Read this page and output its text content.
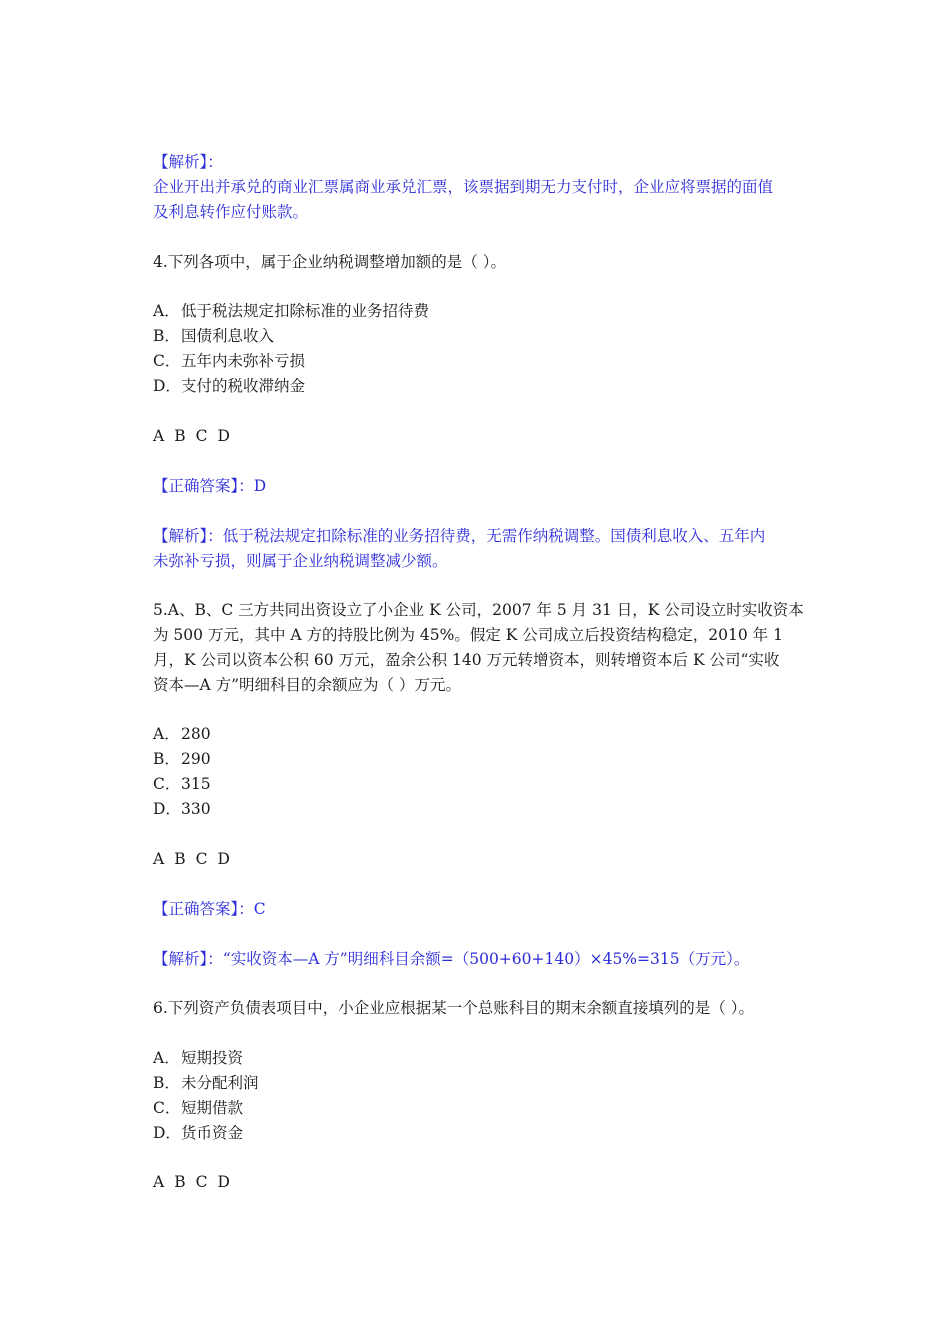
【解析】：
企业开出并承兑的商业汇票属商业承兑汇票，该票据到期无力支付时，企业应将票据的面值
及利息转作应付账款。
4.下列各项中，属于企业纳税调整增加额的是（ ）。
A．低于税法规定扣除标准的业务招待费
B．国债利息收入
C．五年内未弥补亏损
D．支付的税收滞纳金
A B C D
【正确答案】：D
【解析】：低于税法规定扣除标准的业务招待费，无需作纳税调整。国债利息收入、五年内
未弥补亏损，则属于企业纳税调整减少额。
5.A、B、C 三方共同出资设立了小企业 K 公司，2007 年 5 月 31 日，K 公司设立时实收资本
为 500 万元，其中 A 方的持股比例为 45%。假定 K 公司成立后投资结构稳定，2010 年 1
月，K 公司以资本公积 60 万元，盈余公积 140 万元转增资本，则转增资本后 K 公司“实收
资本—A 方”明细科目的余额应为（ ）万元。
A．280
B．290
C．315
D．330
A B C D
【正确答案】：C
【解析】：“实收资本—A 方”明细科目余额=（500+60+140）×45%=315（万元）。
6.下列资产负债表项目中，小企业应根据某一个总账科目的期末余额直接填列的是（ ）。
A．短期投资
B．未分配利润
C．短期借款
D．货币资金
A B C D
